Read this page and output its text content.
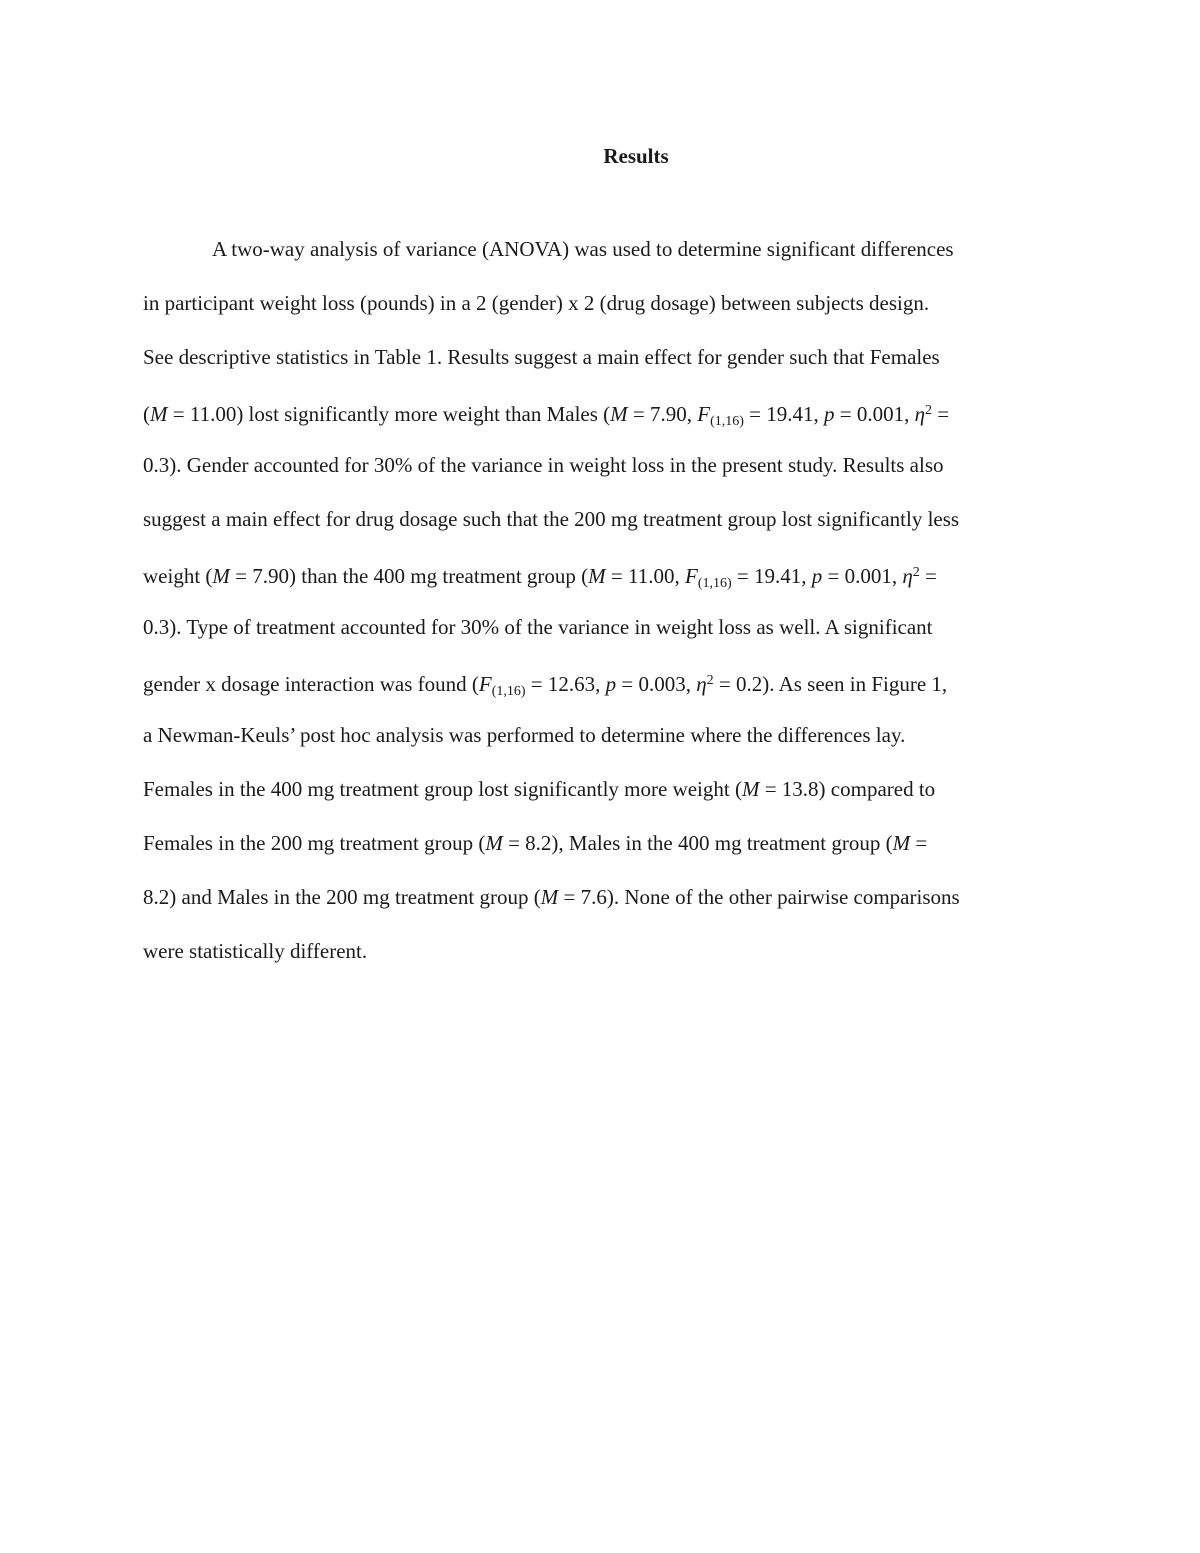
Results
A two-way analysis of variance (ANOVA) was used to determine significant differences
in participant weight loss (pounds) in a 2 (gender) x 2 (drug dosage) between subjects design.
See descriptive statistics in Table 1. Results suggest a main effect for gender such that Females
(M = 11.00) lost significantly more weight than Males (M = 7.90, $F_{(1,16)} = 19.41$, p = 0.001, $\eta^2$ =
0.3). Gender accounted for 30% of the variance in weight loss in the present study. Results also
suggest a main effect for drug dosage such that the 200 mg treatment group lost significantly less
weight (M = 7.90) than the 400 mg treatment group (M = 11.00, $F_{(1,16)} = 19.41$, p = 0.001, $\eta^2$ =
0.3). Type of treatment accounted for 30% of the variance in weight loss as well. A significant
gender x dosage interaction was found ($F_{(1,16)} = 12.63$, p = 0.003, $\eta^2 = 0.2$). As seen in Figure 1,
a Newman-Keuls’ post hoc analysis was performed to determine where the differences lay.
Females in the 400 mg treatment group lost significantly more weight (M = 13.8) compared to
Females in the 200 mg treatment group (M = 8.2), Males in the 400 mg treatment group (M =
8.2) and Males in the 200 mg treatment group (M = 7.6). None of the other pairwise comparisons
were statistically different.
